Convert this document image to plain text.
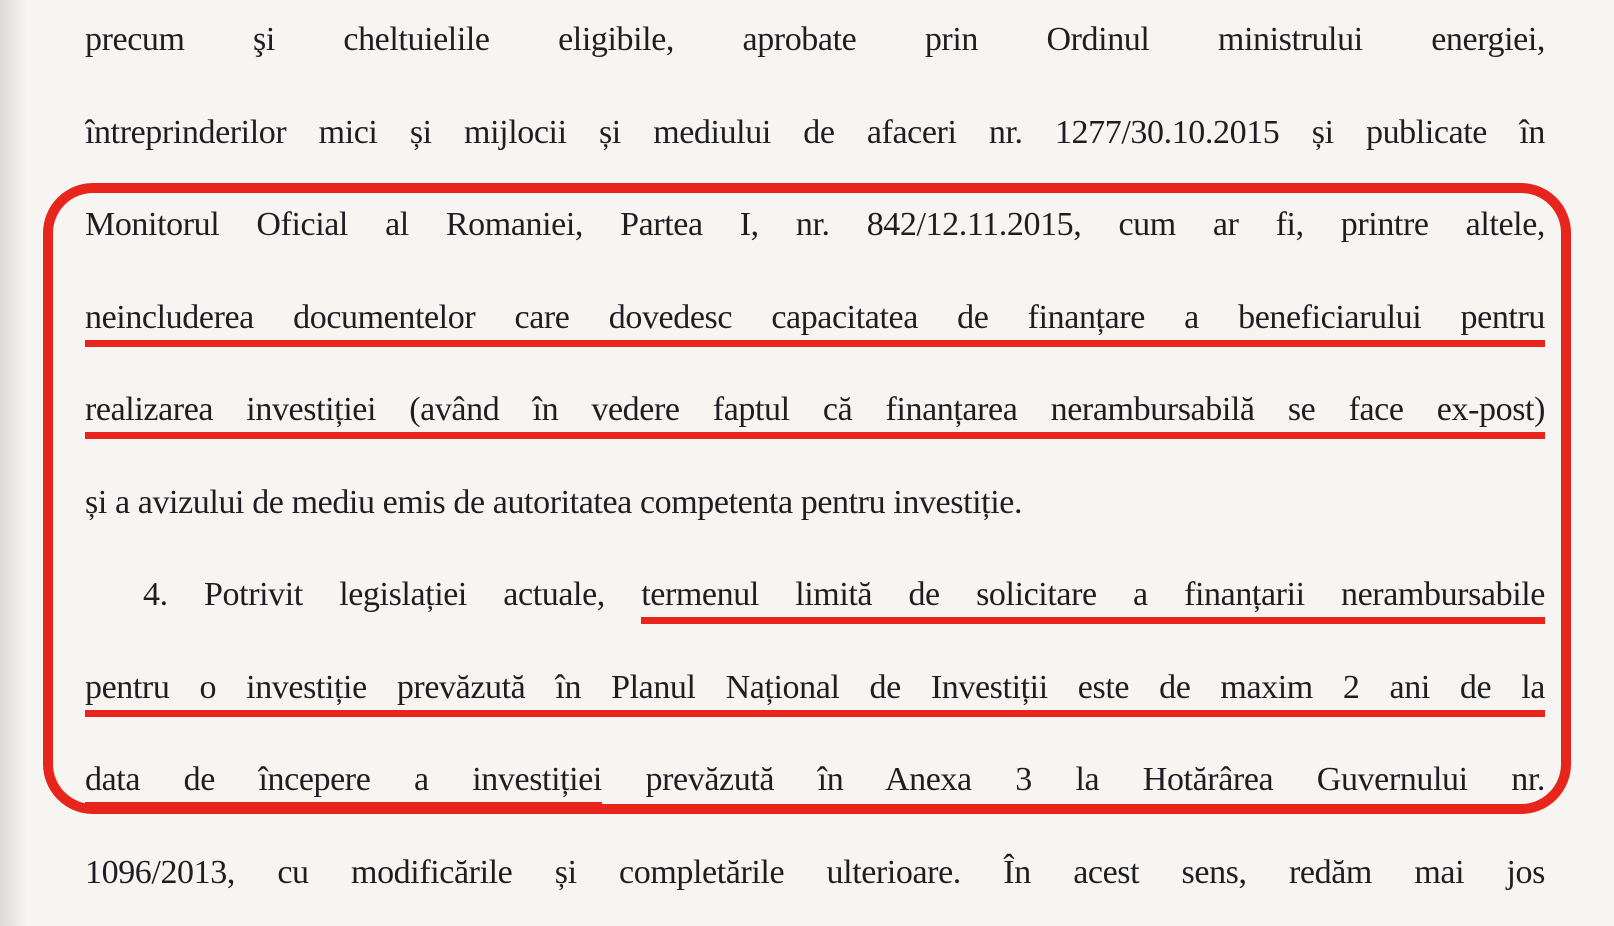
precum şi cheltuielile eligibile, aprobate prin Ordinul ministrului energiei,
întreprinderilor mici și mijlocii și mediului de afaceri nr. 1277/30.10.2015 și publicate în
Monitorul Oficial al Romaniei, Partea I, nr. 842/12.11.2015, cum ar fi, printre altele,
neincluderea documentelor care dovedesc capacitatea de finanțare a beneficiarului pentru
realizarea investiției (având în vedere faptul că finanțarea nerambursabilă se face ex-post)
și a avizului de mediu emis de autoritatea competenta pentru investiție.
4. Potrivit legislației actuale, termenul limită de solicitare a finanțarii nerambursabile
pentru o investiție prevăzută în Planul Național de Investiții este de maxim 2 ani de la
data de începere a investiției prevăzută în Anexa 3 la Hotărârea Guvernului nr.
1096/2013, cu modificările și completările ulterioare. În acest sens, redăm mai jos
